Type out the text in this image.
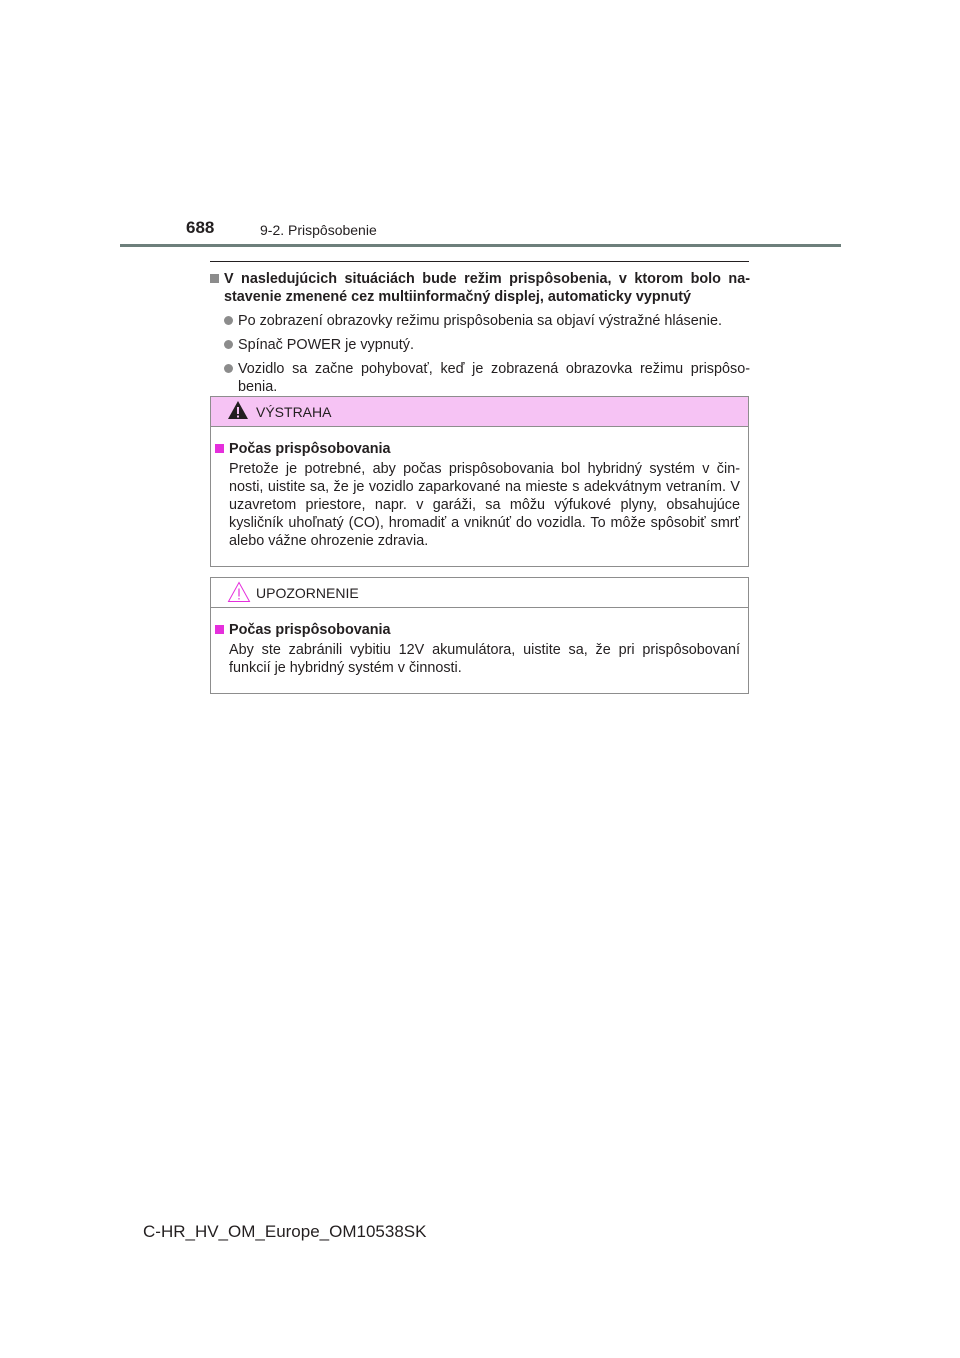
688	9-2. Prispôsobenie
V nasledujúcich situáciách bude režim prispôsobenia, v ktorom bolo na-stavenie zmenené cez multiinformačný displej, automaticky vypnutý
Po zobrazení obrazovky režimu prispôsobenia sa objaví výstražné hlásenie.
Spínač POWER je vypnutý.
Vozidlo sa začne pohybovať, keď je zobrazená obrazovka režimu prispôso-benia.
VÝSTRAHA
Počas prispôsobovania

Pretože je potrebné, aby počas prispôsobovania bol hybridný systém v čin-nosti, uistite sa, že je vozidlo zaparkované na mieste s adekvátnym vetraním. V uzavretom priestore, napr. v garáži, sa môžu výfukové plyny, obsahujúce kysličník uhoľnatý (CO), hromadiť a vniknúť do vozidla. To môže spôsobiť smrť alebo vážne ohrozenie zdravia.

UPOZORNENIE
Počas prispôsobovania

Aby ste zabránili vybitiu 12V akumulátora, uistite sa, že pri prispôsobovaní funkcií je hybridný systém v činnosti.

C-HR_HV_OM_Europe_OM10538SK
